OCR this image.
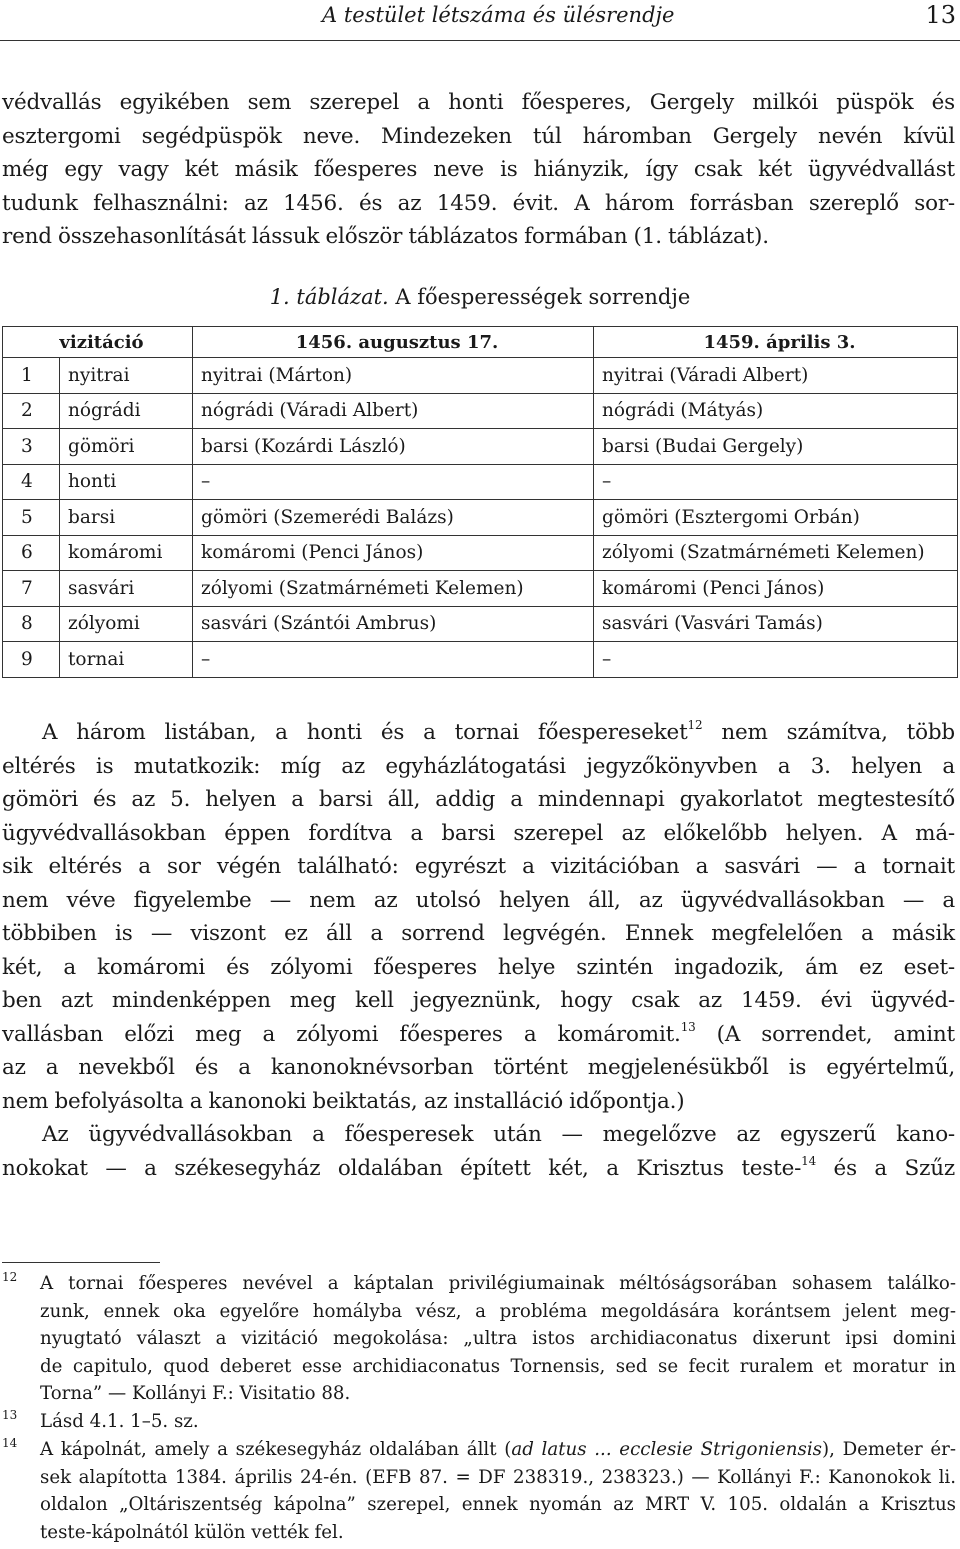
A testület létszáma és ülésrendje	13
védvallás egyikében sem szerepel a honti főesperes, Gergely milkói püspök és
esztergomi segédpüspök neve. Mindezeken túl háromban Gergely nevén kívül
még egy vagy két másik főesperes neve is hiányzik, így csak két ügyvédvallást
tudunk felhasználni: az 1456. és az 1459. évit. A három forrásban szereplő sor-
rend összehasonlítását lássuk először táblázatos formában (1. táblázat).
1. táblázat. A főesperességek sorrendje
vizitáció		1456. augusztus 17.	1459. április 3.
1	nyitrai	nyitrai (Márton)	nyitrai (Váradi Albert)
2	nógrádi	nógrádi (Váradi Albert)	nógrádi (Mátyás)
3	gömöri	barsi (Kozárdi László)	barsi (Budai Gergely)
4	honti	–	–
5	barsi	gömöri (Szemerédi Balázs)	gömöri (Esztergomi Orbán)
6	komáromi	komáromi (Penci János)	zólyomi (Szatmárnémeti Kelemen)
7	sasvári	zólyomi (Szatmárnémeti Kelemen)	komáromi (Penci János)
8	zólyomi	sasvári (Szántói Ambrus)	sasvári (Vasvári Tamás)
9	tornai	–	–
A három listában, a honti és a tornai főespereseket$^{12}$ nem számítva, több
eltérés is mutatkozik: míg az egyházlátogatási jegyzőkönyvben a 3. helyen a
gömöri és az 5. helyen a barsi áll, addig a mindennapi gyakorlatot megtestesítő
ügyvédvallásokban éppen fordítva a barsi szerepel az előkelőbb helyen. A má-
sik eltérés a sor végén található: egyrészt a vizitációban a sasvári — a tornait
nem véve figyelembe — nem az utolsó helyen áll, az ügyvédvallásokban — a
többiben is — viszont ez áll a sorrend legvégén. Ennek megfelelően a másik
két, a komáromi és zólyomi főesperes helye szintén ingadozik, ám ez eset-
ben azt mindenképpen meg kell jegyeznünk, hogy csak az 1459. évi ügyvéd-
vallásban előzi meg a zólyomi főesperes a komáromit.$^{13}$ (A sorrendet, amint
az a nevekből és a kanonoknévsorban történt megjelenésükből is egyértelmű,
nem befolyásolta a kanonoki beiktatás, az installáció időpontja.)
Az ügyvédvallásokban a főesperesek után — megelőzve az egyszerű kano-
nokokat — a székesegyház oldalában épített két, a Krisztus teste-$^{14}$ és a Szűz
12 A tornai főesperes nevével a káptalan privilégiumainak méltóságsorában sohasem találko-
zunk, ennek oka egyelőre homályba vész, a probléma megoldására korántsem jelent meg-
nyugtató választ a vizitáció megokolása: „ultra istos archidiaconatus dixerunt ipsi domini
de capitulo, quod deberet esse archidiaconatus Tornensis, sed se fecit ruralem et moratur in
Torna” — Kollányi F.: Visitatio 88.
13 Lásd 4.1. 1–5. sz.
14 A kápolnát, amely a székesegyház oldalában állt (ad latus ... ecclesie Strigoniensis), Demeter ér-
sek alapította 1384. április 24-én. (EFB 87. = DF 238319., 238323.) — Kollányi F.: Kanonokok li.
oldalon „Oltáriszentség kápolna” szerepel, ennek nyomán az MRT V. 105. oldalán a Krisztus
teste-kápolnától külön vették fel.
